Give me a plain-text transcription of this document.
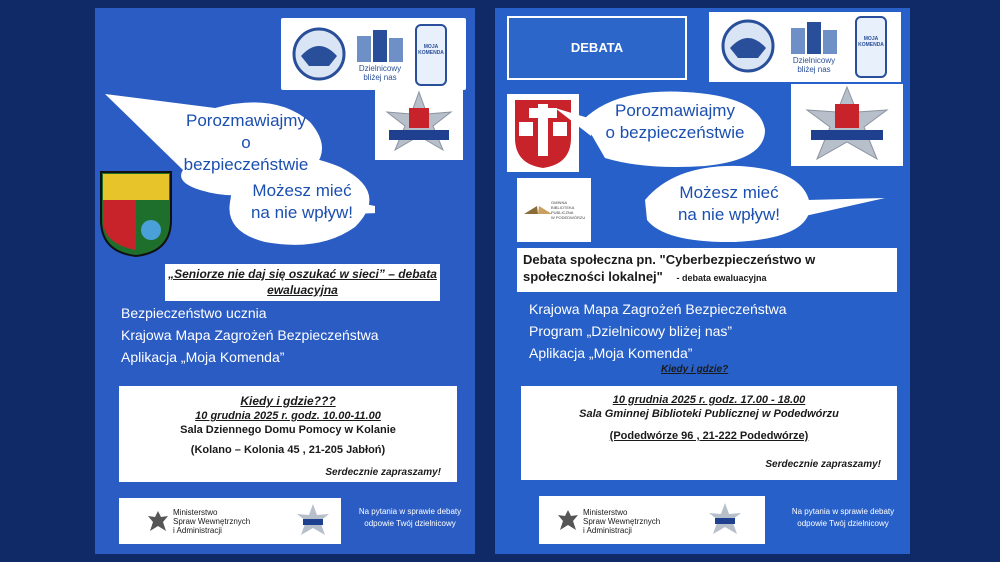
Dzielnicowy
bliżej nas
MOJA
KOMENDA
Porozmawiajmy
o bezpieczeństwie
Możesz mieć
na nie wpływ!
„Seniorze nie daj się oszukać w sieci” – debata ewaluacyjna
Bezpieczeństwo ucznia
Krajowa Mapa Zagrożeń Bezpieczeństwa
Aplikacja „Moja Komenda”
Kiedy i gdzie???
10 grudnia 2025 r. godz. 10.00-11.00
Sala Dziennego Domu Pomocy w Kolanie
(Kolano – Kolonia 45 , 21-205 Jabłoń)
Serdecznie zapraszamy!
Ministerstwo
Spraw Wewnętrznych
i Administracji
Na pytania w sprawie debaty
odpowie Twój dzielnicowy
DEBATA
Dzielnicowy
bliżej nas
MOJA
KOMENDA
Porozmawiajmy
o bezpieczeństwie
Możesz mieć
na nie wpływ!
GMINNA
BIBLIOTEKA
PUBLICZNA
W PODEDWÓRZU
Debata społeczna pn. "Cyberbezpieczeństwo w
społeczności lokalnej" - debata ewaluacyjna
Krajowa Mapa Zagrożeń Bezpieczeństwa
Program „Dzielnicowy bliżej nas”
Aplikacja „Moja Komenda”
Kiedy i gdzie?
10 grudnia 2025 r. godz. 17.00 - 18.00
Sala Gminnej Biblioteki Publicznej w Podedwórzu
(Podedwórze 96 , 21-222 Podedwórze)
Serdecznie zapraszamy!
Ministerstwo
Spraw Wewnętrznych
i Administracji
Na pytania w sprawie debaty
odpowie Twój dzielnicowy
